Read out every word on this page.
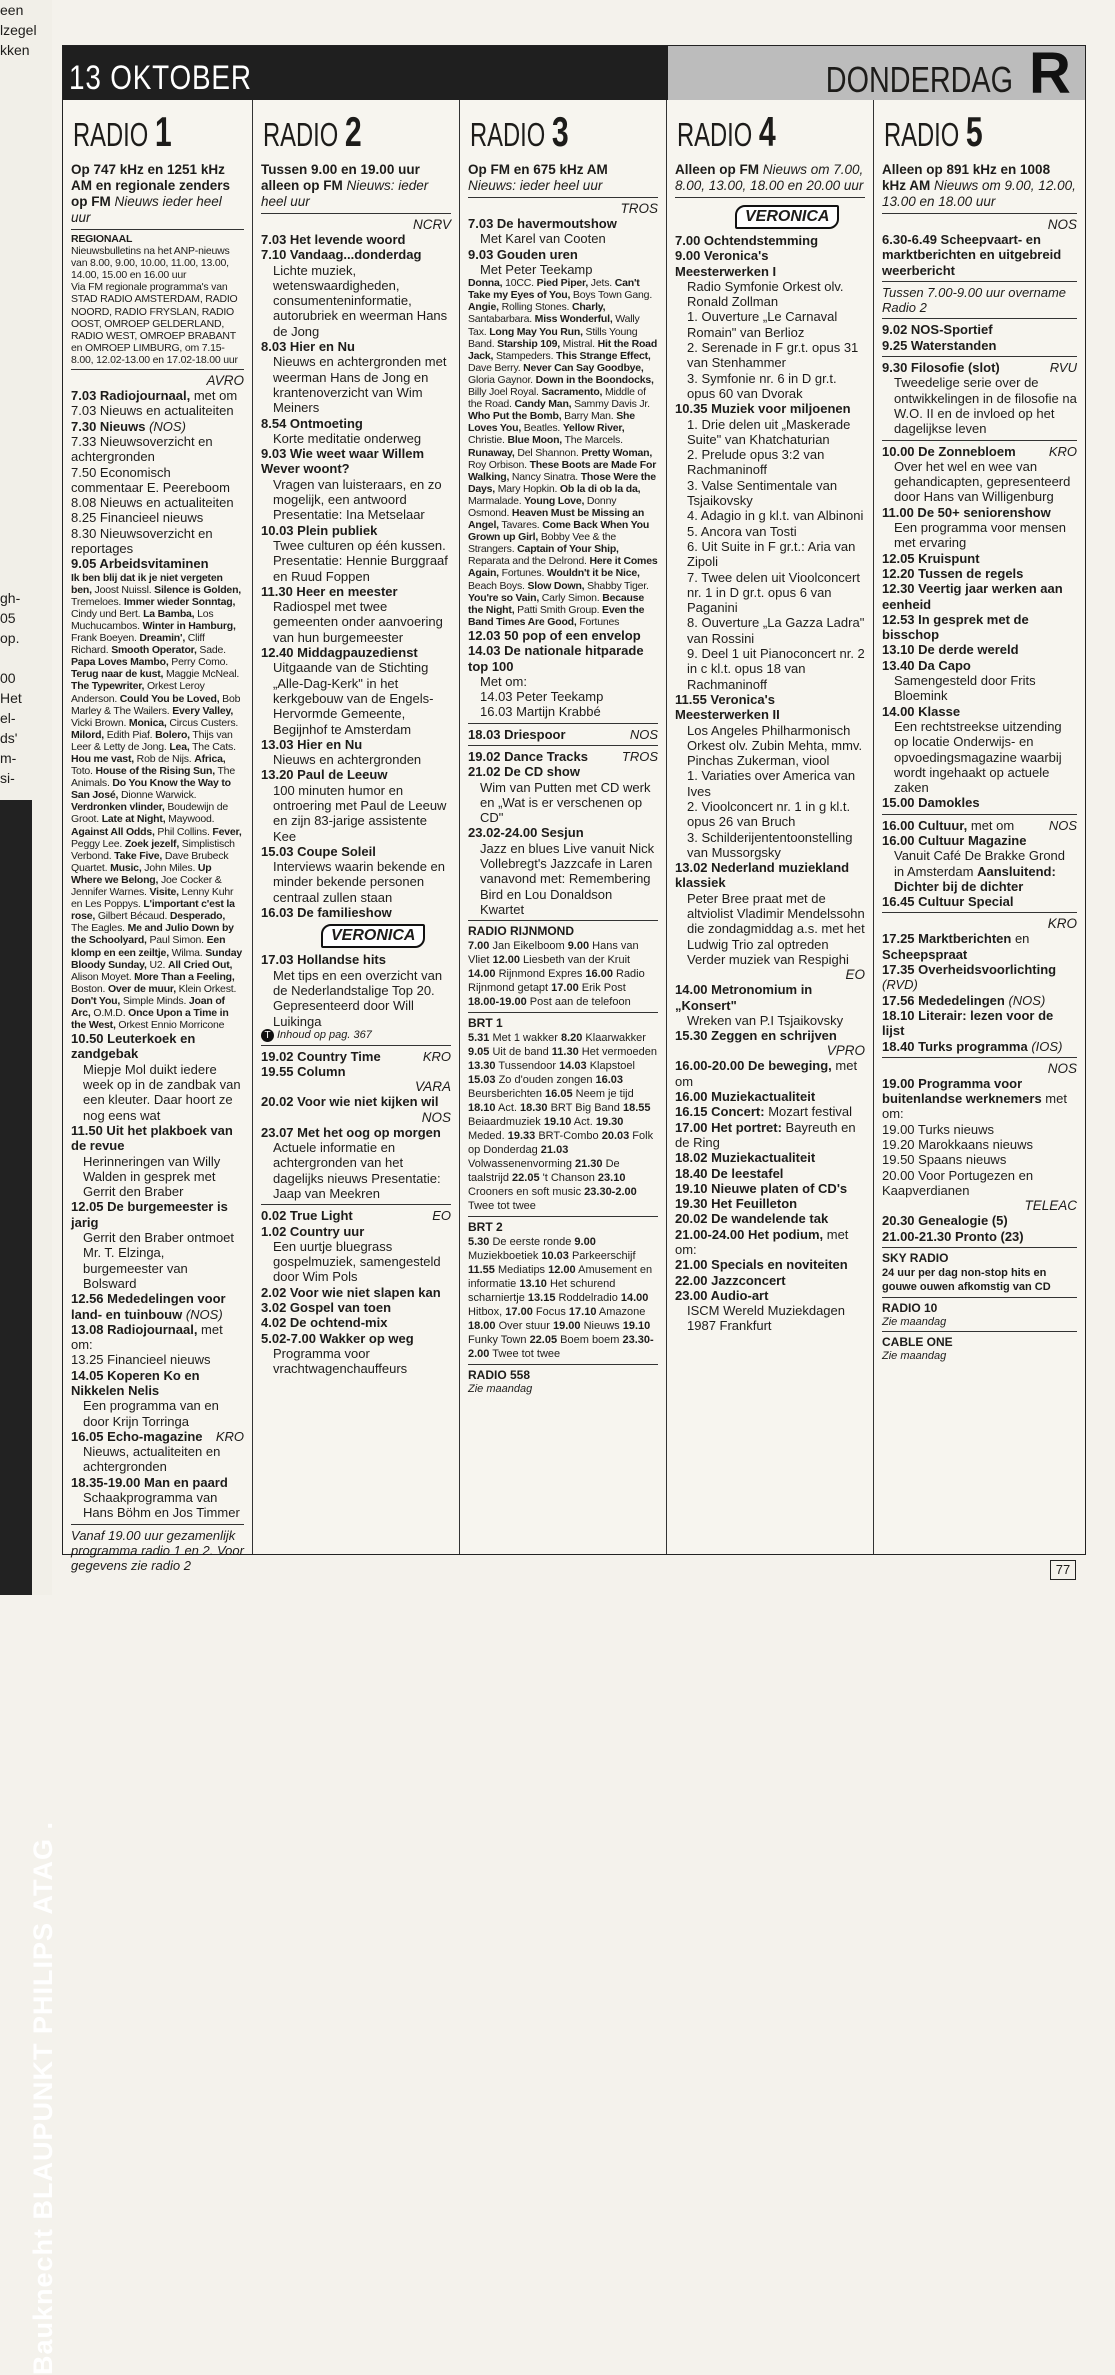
een
lzegel
kken
gh-
05
op.

00
Het
el-
ds'
m-
si-
Bauknecht BLAUPUNKT PHILIPS ATAG .
13 OKTOBER	DONDERDAG R
RADIO 1
Op 747 kHz en 1251 kHz AM en regionale zenders op FM Nieuws ieder heel uur
REGIONAAL
Nieuwsbulletins na het ANP-nieuws van 8.00, 9.00, 10.00, 11.00, 13.00, 14.00, 15.00 en 16.00 uur
Via FM regionale programma's van STAD RADIO AMSTERDAM, RADIO NOORD, RADIO FRYSLAN, RADIO OOST, OMROEP GELDERLAND, RADIO WEST, OMROEP BRABANT en OMROEP LIMBURG, om 7.15-8.00, 12.02-13.00 en 17.02-18.00 uur
AVRO
7.03 Radiojournaal, met om
7.03 Nieuws en actualiteiten
7.30 Nieuws (NOS)
7.33 Nieuwsoverzicht en achtergronden
7.50 Economisch commentaar E. Peereboom
8.08 Nieuws en actualiteiten
8.25 Financieel nieuws
8.30 Nieuwsoverzicht en reportages
9.05 Arbeidsvitaminen
Ik ben blij dat ik je niet vergeten ben, Joost Nuissl. Silence is Golden, Tremeloes. Immer wieder Sonntag, Cindy und Bert. La Bamba, Los Muchucambos. Winter in Hamburg, Frank Boeyen. Dreamin', Cliff Richard. Smooth Operator, Sade. Papa Loves Mambo, Perry Como. Terug naar de kust, Maggie McNeal. The Typewriter, Orkest Leroy Anderson. Could You be Loved, Bob Marley & The Wailers. Every Valley, Vicki Brown. Monica, Circus Custers. Milord, Edith Piaf. Bolero, Thijs van Leer & Letty de Jong. Lea, The Cats. Hou me vast, Rob de Nijs. Africa, Toto. House of the Rising Sun, The Animals. Do You Know the Way to San José, Dionne Warwick. Verdronken vlinder, Boudewijn de Groot. Late at Night, Maywood. Against All Odds, Phil Collins. Fever, Peggy Lee. Zoek jezelf, Simplistisch Verbond. Take Five, Dave Brubeck Quartet. Music, John Miles. Up Where we Belong, Joe Cocker & Jennifer Warnes. Visite, Lenny Kuhr en Les Poppys. L'important c'est la rose, Gilbert Bécaud. Desperado, The Eagles. Me and Julio Down by the Schoolyard, Paul Simon. Een klomp en een zeiltje, Wilma. Sunday Bloody Sunday, U2. All Cried Out, Alison Moyet. More Than a Feeling, Boston. Over de muur, Klein Orkest. Don't You, Simple Minds. Joan of Arc, O.M.D. Once Upon a Time in the West, Orkest Ennio Morricone
10.50 Leuterkoek en zandgebak
Miepje Mol duikt iedere week op in de zandbak van een kleuter. Daar hoort ze nog eens wat
11.50 Uit het plakboek van de revue
Herinneringen van Willy Walden in gesprek met Gerrit den Braber
12.05 De burgemeester is jarig
Gerrit den Braber ontmoet Mr. T. Elzinga, burgemeester van Bolsward
12.56 Mededelingen voor land- en tuinbouw (NOS)
13.08 Radiojournaal, met om:
13.25 Financieel nieuws
14.05 Koperen Ko en Nikkelen Nelis
Een programma van en door Krijn Torringa
16.05 Echo-magazine KRO
Nieuws, actualiteiten en achtergronden
18.35-19.00 Man en paard
Schaakprogramma van Hans Böhm en Jos Timmer
Vanaf 19.00 uur gezamenlijk programma radio 1 en 2. Voor gegevens zie radio 2
RADIO 2
Tussen 9.00 en 19.00 uur alleen op FM Nieuws: ieder heel uur
NCRV
7.03 Het levende woord
7.10 Vandaag...donderdag
Lichte muziek, wetenswaardigheden, consumenteninformatie, autorubriek en weerman Hans de Jong
8.03 Hier en Nu
Nieuws en achtergronden met weerman Hans de Jong en krantenoverzicht van Wim Meiners
8.54 Ontmoeting
Korte meditatie onderweg
9.03 Wie weet waar Willem Wever woont?
Vragen van luisteraars, en zo mogelijk, een antwoord Presentatie: Ina Metselaar
10.03 Plein publiek
Twee culturen op één kussen. Presentatie: Hennie Burggraaf en Ruud Foppen
11.30 Heer en meester
Radiospel met twee gemeenten onder aanvoering van hun burgemeester
12.40 Middagpauzedienst
Uitgaande van de Stichting „Alle-Dag-Kerk" in het kerkgebouw van de Engels-Hervormde Gemeente, Begijnhof te Amsterdam
13.03 Hier en Nu
Nieuws en achtergronden
13.20 Paul de Leeuw
100 minuten humor en ontroering met Paul de Leeuw en zijn 83-jarige assistente Kee
15.03 Coupe Soleil
Interviews waarin bekende en minder bekende personen centraal zullen staan
16.03 De familieshow
VERONICA
17.03 Hollandse hits
Met tips en een overzicht van de Nederlandstalige Top 20. Gepresenteerd door Will Luikinga
T Inhoud op pag. 367
19.02 Country Time	KRO
19.55 Column
VARA
20.02 Voor wie niet kijken wil
NOS
23.07 Met het oog op morgen
Actuele informatie en achtergronden van het dagelijks nieuws Presentatie: Jaap van Meekren
0.02 True Light	EO
1.02 Country uur
Een uurtje bluegrass gospelmuziek, samengesteld door Wim Pols
2.02 Voor wie niet slapen kan
3.02 Gospel van toen
4.02 De ochtend-mix
5.02-7.00 Wakker op weg
Programma voor vrachtwagenchauffeurs
RADIO 3
Op FM en 675 kHz AM Nieuws: ieder heel uur
TROS
7.03 De havermoutshow
Met Karel van Cooten
9.03 Gouden uren
Met Peter Teekamp
Donna, 10CC. Pied Piper, Jets. Can't Take my Eyes of You, Boys Town Gang. Angie, Rolling Stones. Charly, Santabarbara. Miss Wonderful, Wally Tax. Long May You Run, Stills Young Band. Starship 109, Mistral. Hit the Road Jack, Stampeders. This Strange Effect, Dave Berry. Never Can Say Goodbye, Gloria Gaynor. Down in the Boondocks, Billy Joel Royal. Sacramento, Middle of the Road. Candy Man, Sammy Davis Jr. Who Put the Bomb, Barry Man. She Loves You, Beatles. Yellow River, Christie. Blue Moon, The Marcels. Runaway, Del Shannon. Pretty Woman, Roy Orbison. These Boots are Made For Walking, Nancy Sinatra. Those Were the Days, Mary Hopkin. Ob la di ob la da, Marmalade. Young Love, Donny Osmond. Heaven Must be Missing an Angel, Tavares. Come Back When You Grown up Girl, Bobby Vee & the Strangers. Captain of Your Ship, Reparata and the Delrond. Here it Comes Again, Fortunes. Wouldn't it be Nice, Beach Boys. Slow Down, Shabby Tiger. You're so Vain, Carly Simon. Because the Night, Patti Smith Group. Even the Band Times Are Good, Fortunes
12.03 50 pop of een envelop
14.03 De nationale hitparade top 100
Met om:
14.03 Peter Teekamp
16.03 Martijn Krabbé
18.03 Driespoor	NOS
19.02 Dance Tracks	TROS
21.02 De CD show
Wim van Putten met CD werk en „Wat is er verschenen op CD"
23.02-24.00 Sesjun
Jazz en blues Live vanuit Nick Vollebregt's Jazzcafe in Laren vanavond met: Remembering Bird en Lou Donaldson Kwartet
RADIO RIJNMOND
7.00 Jan Eikelboom 9.00 Hans van Vliet 12.00 Liesbeth van der Kruit 14.00 Rijnmond Expres 16.00 Radio Rijnmond getapt 17.00 Erik Post 18.00-19.00 Post aan de telefoon
BRT 1
5.31 Met 1 wakker 8.20 Klaarwakker 9.05 Uit de band 11.30 Het vermoeden 13.30 Tussendoor 14.03 Klapstoel 15.03 Zo d'ouden zongen 16.03 Beursberichten 16.05 Neem je tijd 18.10 Act. 18.30 BRT Big Band 18.55 Beiaardmuziek 19.10 Act. 19.30 Meded. 19.33 BRT-Combo 20.03 Folk op Donderdag 21.03 Volwassenenvorming 21.30 De taalstrijd 22.05 't Chanson 23.10 Crooners en soft music 23.30-2.00 Twee tot twee
BRT 2
5.30 De eerste ronde 9.00 Muziekboetiek 10.03 Parkeerschijf 11.55 Mediatips 12.00 Amusement en informatie 13.10 Het schurend scharniertje 13.15 Roddelradio 14.00 Hitbox, 17.00 Focus 17.10 Amazone 18.00 Over stuur 19.00 Nieuws 19.10 Funky Town 22.05 Boem boem 23.30-2.00 Twee tot twee
RADIO 558
Zie maandag
RADIO 4
Alleen op FM Nieuws om 7.00, 8.00, 13.00, 18.00 en 20.00 uur
VERONICA
7.00 Ochtendstemming
9.00 Veronica's Meesterwerken I
Radio Symfonie Orkest olv. Ronald Zollman
1. Ouverture „Le Carnaval Romain" van Berlioz
2. Serenade in F gr.t. opus 31 van Stenhammer
3. Symfonie nr. 6 in D gr.t. opus 60 van Dvorak
10.35 Muziek voor miljoenen
1. Drie delen uit „Maskerade Suite" van Khatchaturian
2. Prelude opus 3:2 van Rachmaninoff
3. Valse Sentimentale van Tsjaikovsky
4. Adagio in g kl.t. van Albinoni
5. Ancora van Tosti
6. Uit Suite in F gr.t.: Aria van Zipoli
7. Twee delen uit Vioolconcert nr. 1 in D gr.t. opus 6 van Paganini
8. Ouverture „La Gazza Ladra" van Rossini
9. Deel 1 uit Pianoconcert nr. 2 in c kl.t. opus 18 van Rachmaninoff
11.55 Veronica's Meesterwerken II
Los Angeles Philharmonisch Orkest olv. Zubin Mehta, mmv. Pinchas Zukerman, viool
1. Variaties over America van Ives
2. Vioolconcert nr. 1 in g kl.t. opus 26 van Bruch
3. Schilderijententoonstelling van Mussorgsky
13.02 Nederland muziekland klassiek
Peter Bree praat met de altviolist Vladimir Mendelssohn die zondagmiddag a.s. met het Ludwig Trio zal optreden Verder muziek van Respighi
EO
14.00 Metronomium in „Konsert"
Wreken van P.I Tsjaikovsky
15.30 Zeggen en schrijven
VPRO
16.00-20.00 De beweging, met om
16.00 Muziekactualiteit
16.15 Concert: Mozart festival
17.00 Het portret: Bayreuth en de Ring
18.02 Muziekactualiteit
18.40 De leestafel
19.10 Nieuwe platen of CD's
19.30 Het Feuilleton
20.02 De wandelende tak
21.00-24.00 Het podium, met om:
21.00 Specials en noviteiten
22.00 Jazzconcert
23.00 Audio-art
ISCM Wereld Muziekdagen 1987 Frankfurt
RADIO 5
Alleen op 891 kHz en 1008 kHz AM Nieuws om 9.00, 12.00, 13.00 en 18.00 uur
NOS
6.30-6.49 Scheepvaart- en marktberichten en uitgebreid weerbericht
Tussen 7.00-9.00 uur overname Radio 2
9.02 NOS-Sportief
9.25 Waterstanden
9.30 Filosofie (slot)	RVU
Tweedelige serie over de ontwikkelingen in de filosofie na W.O. II en de invloed op het dagelijkse leven
10.00 De Zonnebloem	KRO
Over het wel en wee van gehandicapten, gepresenteerd door Hans van Willigenburg
11.00 De 50+ seniorenshow
Een programma voor mensen met ervaring
12.05 Kruispunt
12.20 Tussen de regels
12.30 Veertig jaar werken aan eenheid
12.53 In gesprek met de bisschop
13.10 De derde wereld
13.40 Da Capo
Samengesteld door Frits Bloemink
14.00 Klasse
Een rechtstreekse uitzending op locatie Onderwijs- en opvoedingsmagazine waarbij wordt ingehaakt op actuele zaken
15.00 Damokles
16.00 Cultuur, met om	NOS
16.00 Cultuur Magazine
Vanuit Café De Brakke Grond in Amsterdam Aansluitend: Dichter bij de dichter
16.45 Cultuur Special
KRO
17.25 Marktberichten en Scheepspraat
17.35 Overheidsvoorlichting (RVD)
17.56 Mededelingen (NOS)
18.10 Literair: lezen voor de lijst
18.40 Turks programma (IOS)
NOS
19.00 Programma voor buitenlandse werknemers met om:
19.00 Turks nieuws
19.20 Marokkaans nieuws
19.50 Spaans nieuws
20.00 Voor Portugezen en Kaapverdianen
TELEAC
20.30 Genealogie (5)
21.00-21.30 Pronto (23)
SKY RADIO
24 uur per dag non-stop hits en gouwe ouwen afkomstig van CD
RADIO 10
Zie maandag
CABLE ONE
Zie maandag
77
